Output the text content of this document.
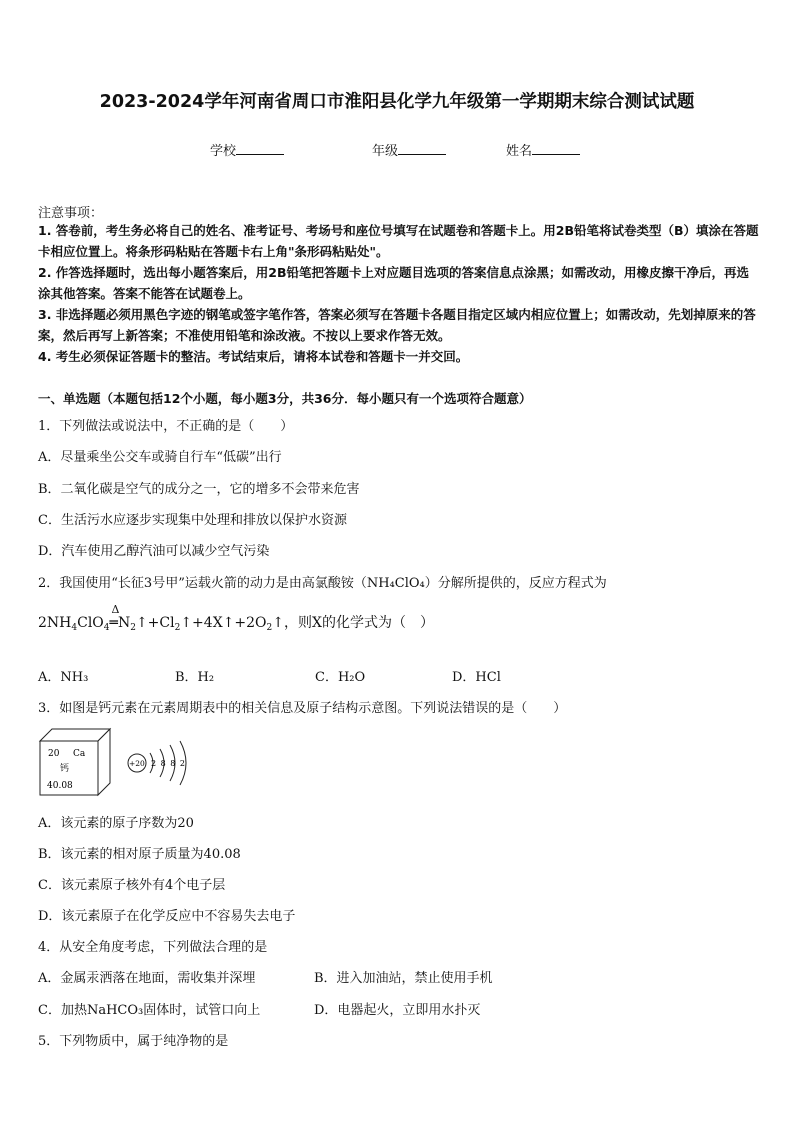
2023-2024学年河南省周口市淮阳县化学九年级第一学期期末综合测试试题
学校	年级	姓名
注意事项：
1. 答卷前，考生务必将自己的姓名、准考证号、考场号和座位号填写在试题卷和答题卡上。用2B铅笔将试卷类型（B）填涂在答题卡相应位置上。将条形码粘贴在答题卡右上角"条形码粘贴处"。
2. 作答选择题时，选出每小题答案后，用2B铅笔把答题卡上对应题目选项的答案信息点涂黑；如需改动，用橡皮擦干净后，再选涂其他答案。答案不能答在试题卷上。
3. 非选择题必须用黑色字迹的钢笔或签字笔作答，答案必须写在答题卡各题目指定区域内相应位置上；如需改动，先划掉原来的答案，然后再写上新答案；不准使用铅笔和涂改液。不按以上要求作答无效。
4. 考生必须保证答题卡的整洁。考试结束后，请将本试卷和答题卡一并交回。
一、单选题（本题包括12个小题，每小题3分，共36分．每小题只有一个选项符合题意）
1．下列做法或说法中，不正确的是（　　）
A．尽量乘坐公交车或骑自行车“低碳”出行
B．二氧化碳是空气的成分之一，它的增多不会带来危害
C．生活污水应逐步实现集中处理和排放以保护水资源
D．汽车使用乙醇汽油可以减少空气污染
2．我国使用“长征3号甲”运载火箭的动力是由高氯酸铵（NH₄ClO₄）分解所提供的，反应方程式为
$2NH_4ClO_4$
Δ
$═N_2↑+Cl_2↑+4X↑+2O_2↑$，则X的化学式为（　）
A．NH₃	B．H₂	C．H₂O	D．HCl
3．如图是钙元素在元素周期表中的相关信息及原子结构示意图。下列说法错误的是（　　）
20 Ca
钙
40.08
+20 2 8 8 2
A．该元素的原子序数为20
B．该元素的相对原子质量为40.08
C．该元素原子核外有4个电子层
D．该元素原子在化学反应中不容易失去电子
4．从安全角度考虑，下列做法合理的是
A．金属汞洒落在地面，需收集并深埋	B．进入加油站，禁止使用手机
C．加热NaHCO₃固体时，试管口向上	D．电器起火，立即用水扑灭
5．下列物质中，属于纯净物的是
